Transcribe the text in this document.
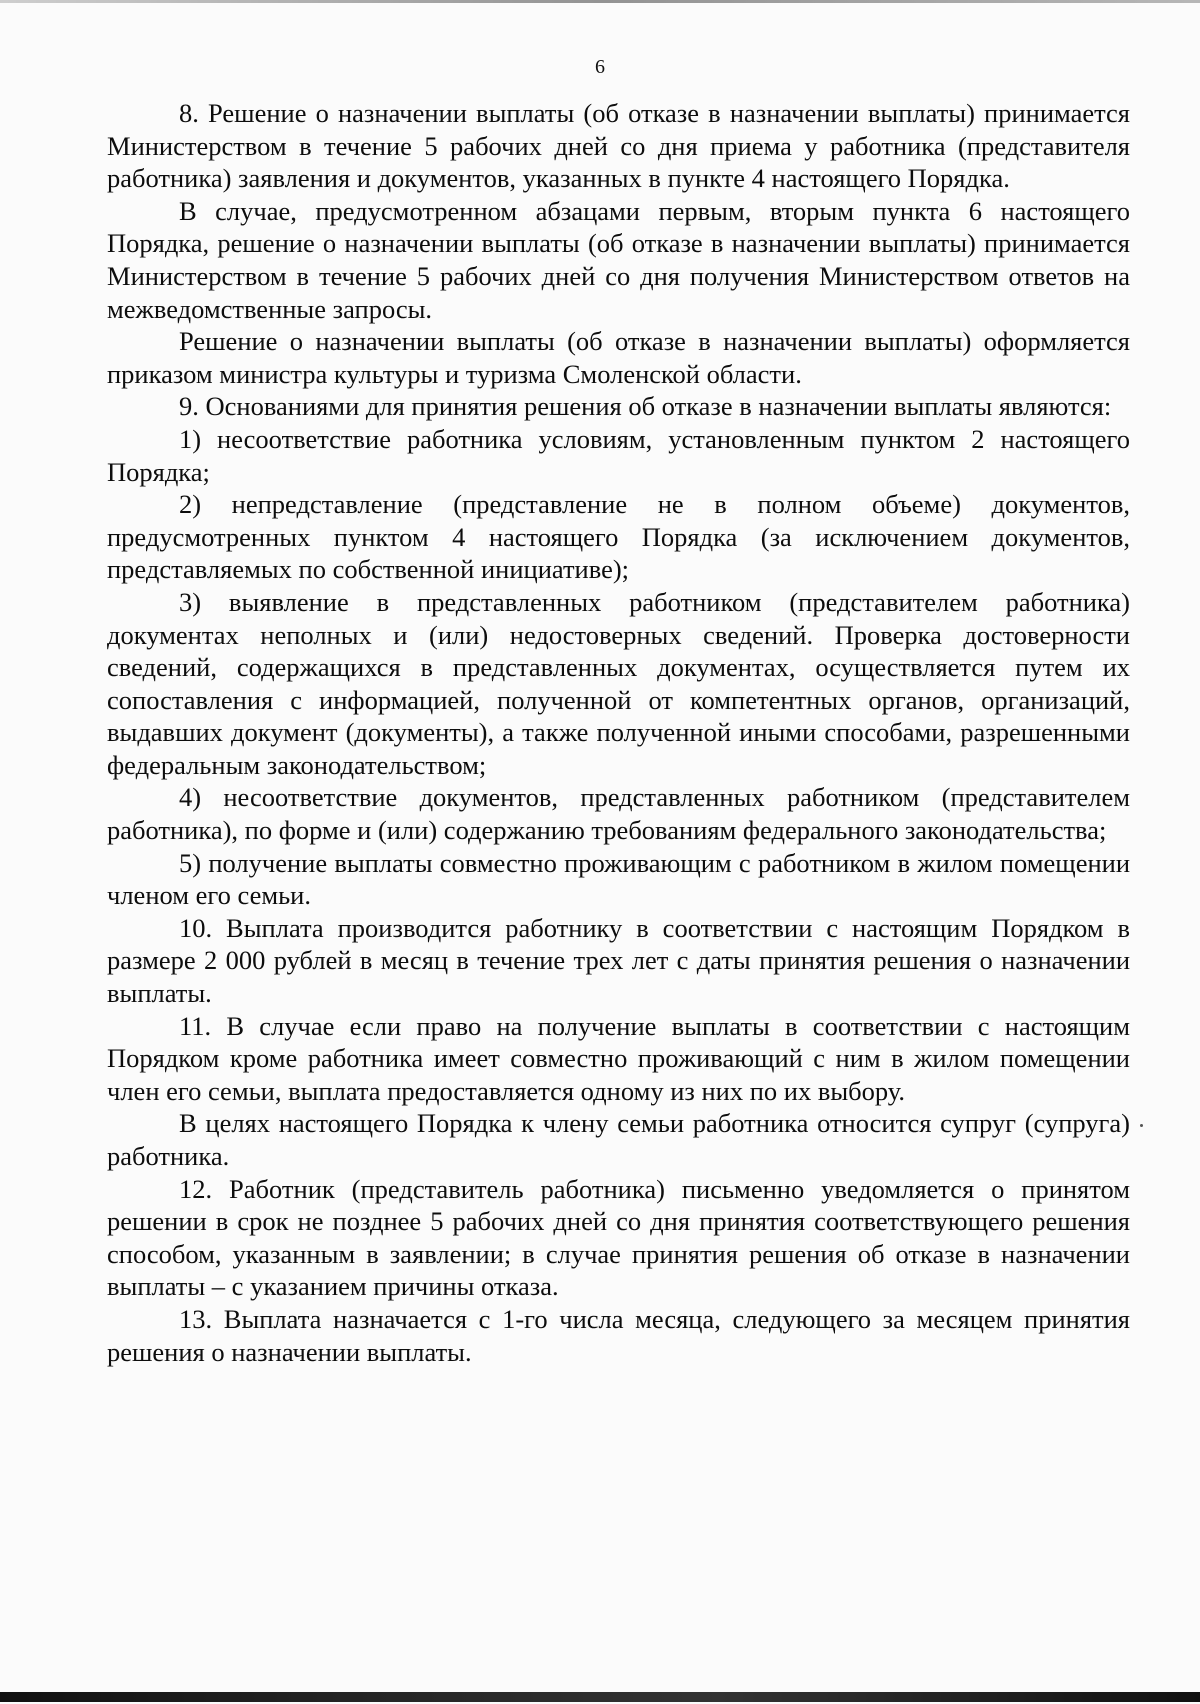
6

8. Решение о назначении выплаты (об отказе в назначении выплаты) принимается Министерством в течение 5 рабочих дней со дня приема у работника (представителя работника) заявления и документов, указанных в пункте 4 настоящего Порядка.

В случае, предусмотренном абзацами первым, вторым пункта 6 настоящего Порядка, решение о назначении выплаты (об отказе в назначении выплаты) принимается Министерством в течение 5 рабочих дней со дня получения Министерством ответов на межведомственные запросы.

Решение о назначении выплаты (об отказе в назначении выплаты) оформляется приказом министра культуры и туризма Смоленской области.

9. Основаниями для принятия решения об отказе в назначении выплаты являются:

1) несоответствие работника условиям, установленным пунктом 2 настоящего Порядка;

2) непредставление (представление не в полном объеме) документов, предусмотренных пунктом 4 настоящего Порядка (за исключением документов, представляемых по собственной инициативе);

3) выявление в представленных работником (представителем работника) документах неполных и (или) недостоверных сведений. Проверка достоверности сведений, содержащихся в представленных документах, осуществляется путем их сопоставления с информацией, полученной от компетентных органов, организаций, выдавших документ (документы), а также полученной иными способами, разрешенными федеральным законодательством;

4) несоответствие документов, представленных работником (представителем работника), по форме и (или) содержанию требованиям федерального законодательства;

5) получение выплаты совместно проживающим с работником в жилом помещении членом его семьи.

10. Выплата производится работнику в соответствии с настоящим Порядком в размере 2 000 рублей в месяц в течение трех лет с даты принятия решения о назначении выплаты.

11. В случае если право на получение выплаты в соответствии с настоящим Порядком кроме работника имеет совместно проживающий с ним в жилом помещении член его семьи, выплата предоставляется одному из них по их выбору.

В целях настоящего Порядка к члену семьи работника относится супруг (супруга) работника.

12. Работник (представитель работника) письменно уведомляется о принятом решении в срок не позднее 5 рабочих дней со дня принятия соответствующего решения способом, указанным в заявлении; в случае принятия решения об отказе в назначении выплаты – с указанием причины отказа.

13. Выплата назначается с 1-го числа месяца, следующего за месяцем принятия решения о назначении выплаты.
